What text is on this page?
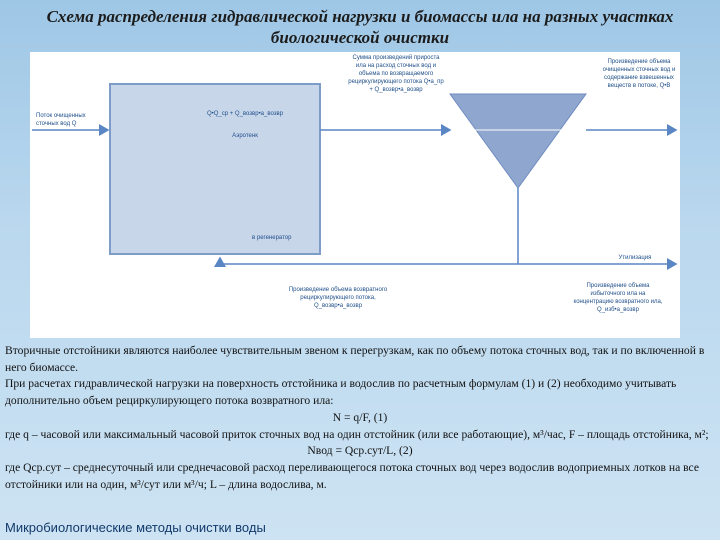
Схема распределения гидравлической нагрузки и биомассы ила на разных участках биологической очистки
Поток очищенных сточных вод Q
Q•Q_ср + Q_возвр•a_возвр
Аэротенк
Сумма произведений прироста ила на расход сточных вод и объема по возвращаемого рециркулирующего потока Q•a_пр + Q_возвр•a_возвр
Произведение объема очищенных сточных вод и содержание взвешенных веществ в потоке, Q•B
в регенератор
Утилизация
Произведение объема возвратного рециркулирующего потока, Q_возвр•a_возвр
Произведение объема избыточного ила на концентрацию возвратного ила, Q_изб•a_возвр

Вторичные отстойники являются наиболее чувствительным звеном к перегрузкам, как по объему потока сточных вод, так и по включенной в него биомассе.

При расчетах гидравлической нагрузки на поверхность отстойника и водослив по расчетным формулам (1) и (2) необходимо учитывать дополнительно объем рециркулирующего потока возвратного ила:

N = q/F, (1)

где q – часовой или максимальный часовой приток сточных вод на один отстойник (или все работающие), м³/час, F – площадь отстойника, м²;

Nвод = Qср.сут/L, (2)

где Qср.сут – среднесуточный или среднечасовой расход переливающегося потока сточных вод через водослив водоприемных лотков на все отстойники или на один, м³/сут или м³/ч; L – длина водослива, м.

Микробиологические методы очистки воды
